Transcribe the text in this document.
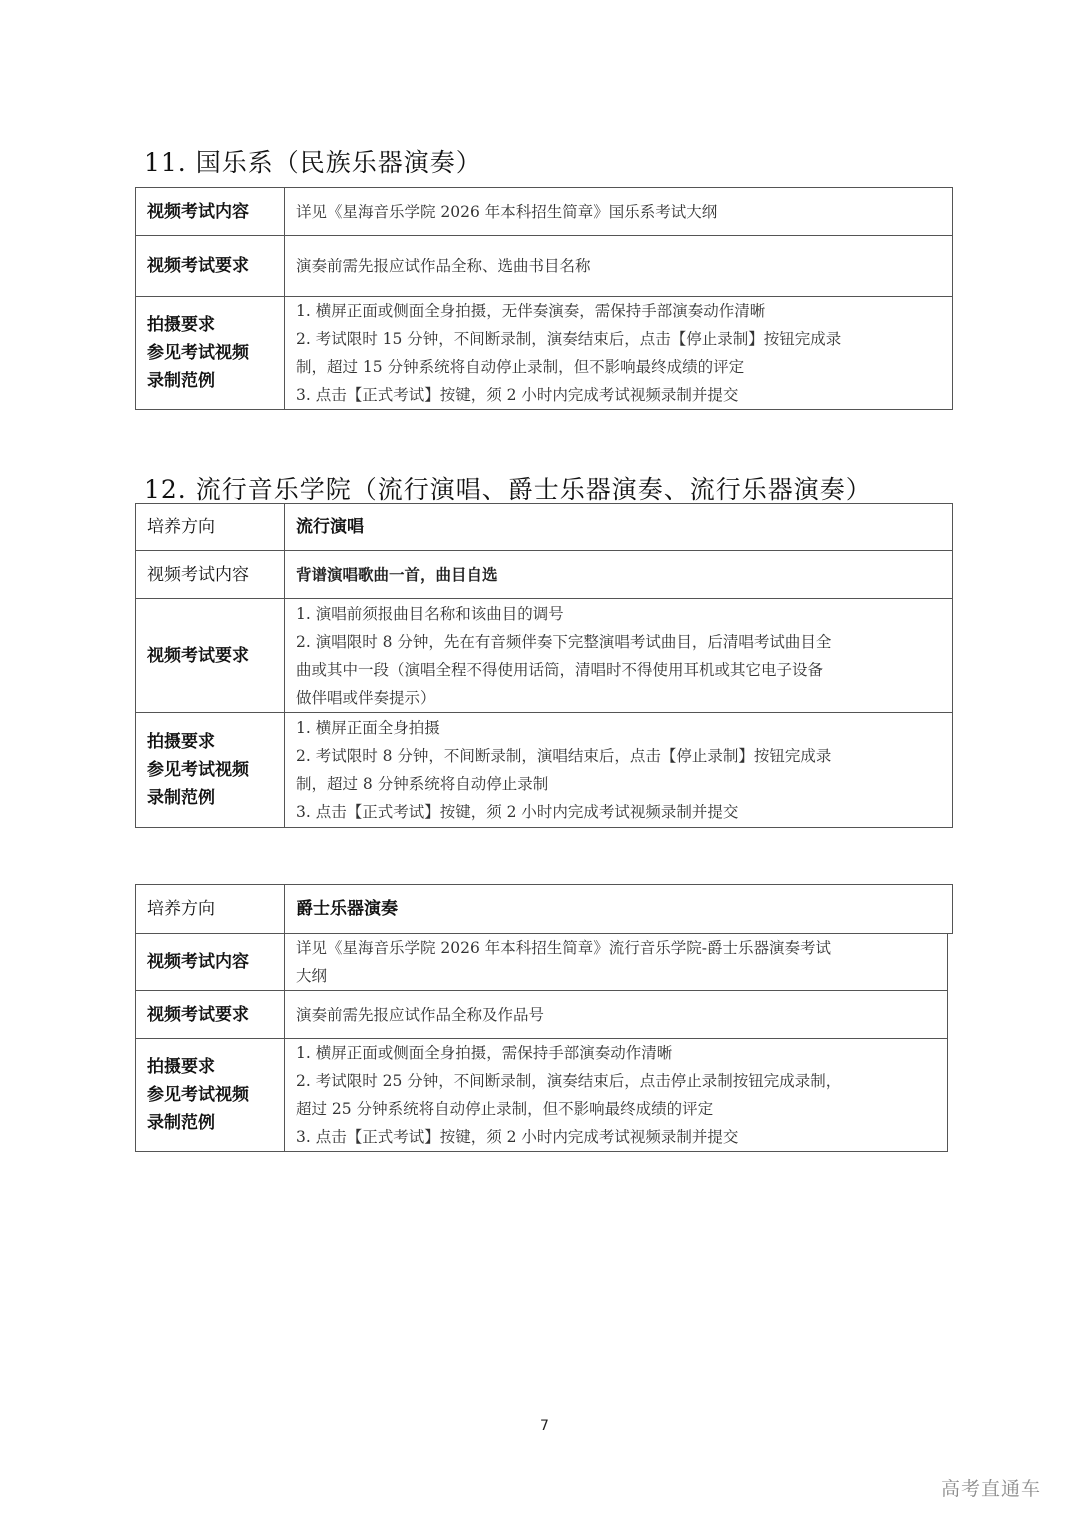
11. 国乐系（民族乐器演奏）
视频考试内容	详见《星海音乐学院 2026 年本科招生简章》国乐系考试大纲

视频考试要求	演奏前需先报应试作品全称、选曲书目名称

拍摄要求
参见考试视频
录制范例	1. 横屏正面或侧面全身拍摄，无伴奏演奏，需保持手部演奏动作清晰
2. 考试限时 15 分钟，不间断录制，演奏结束后，点击【停止录制】按钮完成录
制，超过 15 分钟系统将自动停止录制，但不影响最终成绩的评定
3. 点击【正式考试】按键，须 2 小时内完成考试视频录制并提交
12. 流行音乐学院（流行演唱、爵士乐器演奏、流行乐器演奏）
培养方向	流行演唱

视频考试内容	背谱演唱歌曲一首，曲目自选

视频考试要求	1. 演唱前须报曲目名称和该曲目的调号
2. 演唱限时 8 分钟，先在有音频伴奏下完整演唱考试曲目，后清唱考试曲目全
曲或其中一段（演唱全程不得使用话筒，清唱时不得使用耳机或其它电子设备
做伴唱或伴奏提示）

拍摄要求
参见考试视频
录制范例	1. 横屏正面全身拍摄
2. 考试限时 8 分钟，不间断录制，演唱结束后，点击【停止录制】按钮完成录
制，超过 8 分钟系统将自动停止录制
3. 点击【正式考试】按键，须 2 小时内完成考试视频录制并提交
培养方向	爵士乐器演奏
视频考试内容	详见《星海音乐学院 2026 年本科招生简章》流行音乐学院-爵士乐器演奏考试
大纲

视频考试要求	演奏前需先报应试作品全称及作品号

拍摄要求
参见考试视频
录制范例	1. 横屏正面或侧面全身拍摄，需保持手部演奏动作清晰
2. 考试限时 25 分钟，不间断录制，演奏结束后，点击停止录制按钮完成录制，
超过 25 分钟系统将自动停止录制，但不影响最终成绩的评定
3. 点击【正式考试】按键，须 2 小时内完成考试视频录制并提交
7
高考直通车
